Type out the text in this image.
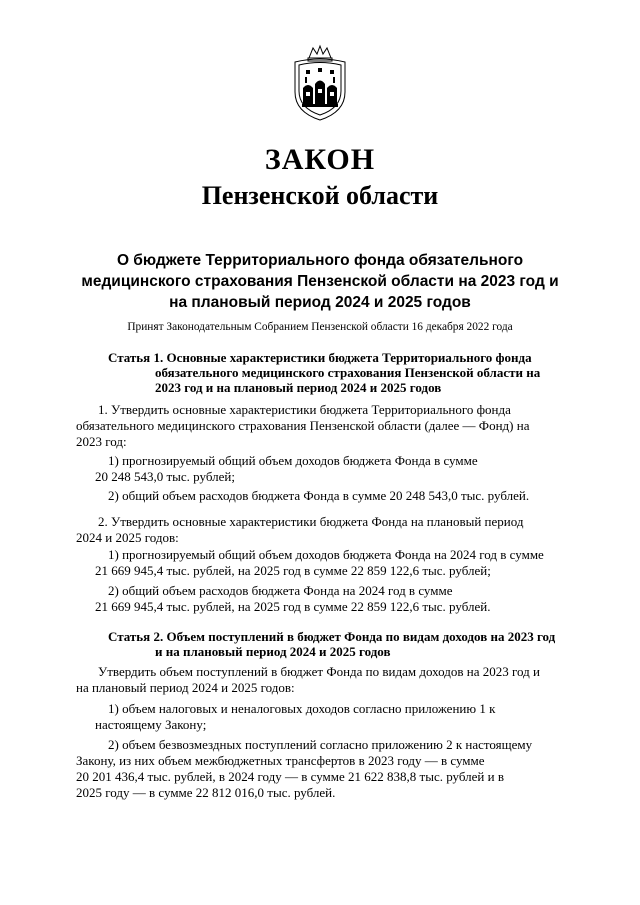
ЗАКОН
Пензенской области
О бюджете Территориального фонда обязательного
медицинского страхования Пензенской области на 2023 год и
на плановый период 2024 и 2025 годов
Принят Законодательным Собранием Пензенской области 16 декабря 2022 года
Статья 1. Основные характеристики бюджета Территориального фонда
обязательного медицинского страхования Пензенской области на
2023 год и на плановый период 2024 и 2025 годов
1. Утвердить основные характеристики бюджета Территориального фонда
обязательного медицинского страхования Пензенской области (далее — Фонд) на
2023 год:
1) прогнозируемый общий объем доходов бюджета Фонда в сумме
20 248 543,0 тыс. рублей;
2) общий объем расходов бюджета Фонда в сумме 20 248 543,0 тыс. рублей.
2. Утвердить основные характеристики бюджета Фонда на плановый период
2024 и 2025 годов:
1) прогнозируемый общий объем доходов бюджета Фонда на 2024 год в сумме
21 669 945,4 тыс. рублей, на 2025 год в сумме 22 859 122,6 тыс. рублей;
2) общий объем расходов бюджета Фонда на 2024 год в сумме
21 669 945,4 тыс. рублей, на 2025 год в сумме 22 859 122,6 тыс. рублей.
Статья 2. Объем поступлений в бюджет Фонда по видам доходов на 2023 год
и на плановый период 2024 и 2025 годов
Утвердить объем поступлений в бюджет Фонда по видам доходов на 2023 год и
на плановый период 2024 и 2025 годов:
1) объем налоговых и неналоговых доходов согласно приложению 1 к
настоящему Закону;
2) объем безвозмездных поступлений согласно приложению 2 к настоящему
Закону, из них объем межбюджетных трансфертов в 2023 году — в сумме
20 201 436,4 тыс. рублей, в 2024 году — в сумме 21 622 838,8 тыс. рублей и в
2025 году — в сумме 22 812 016,0 тыс. рублей.
